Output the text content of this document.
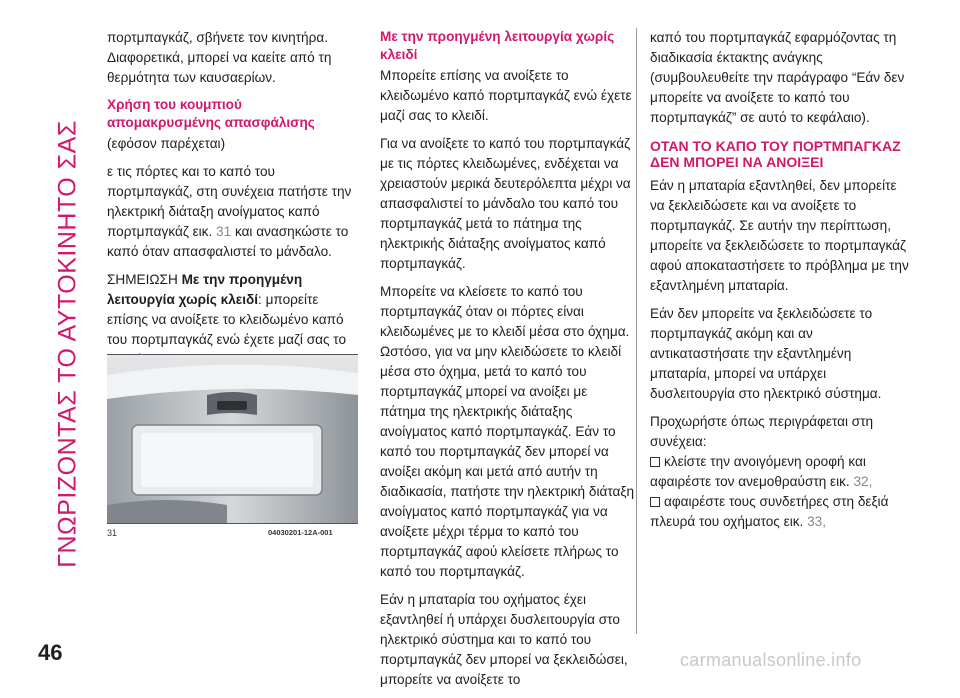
ΓΝΩΡΙΖΟΝΤΑΣ ΤΟ ΑΥΤΟΚΙΝΗΤΟ ΣΑΣ

πορτμπαγκάζ, σβήνετε τον κινητήρα. Διαφορετικά, μπορεί να καείτε από τη θερμότητα των καυσαερίων.

Χρήση του κουμπιού απομακρυσμένης απασφάλισης

(εφόσον παρέχεται)

ε τις πόρτες και το καπό του πορτμπαγκάζ, στη συνέχεια πατήστε την ηλεκτρική διάταξη ανοίγματος καπό πορτμπαγκάζ εικ. 31 και ανασηκώστε το καπό όταν απασφαλιστεί το μάνδαλο.

ΣΗΜΕΙΩΣΗ Με την προηγμένη λειτουργία χωρίς κλειδί: μπορείτε επίσης να ανοίξετε το κλειδωμένο καπό του πορτμπαγκάζ ενώ έχετε μαζί σας το

31	04030201-12A-001
Με την προηγμένη λειτουργία χωρίς κλειδί

Μπορείτε επίσης να ανοίξετε το κλειδωμένο καπό πορτμπαγκάζ ενώ έχετε μαζί σας το κλειδί.

Για να ανοίξετε το καπό του πορτμπαγκάζ με τις πόρτες κλειδωμένες, ενδέχεται να χρειαστούν μερικά δευτερόλεπτα μέχρι να απασφαλιστεί το μάνδαλο του καπό του πορτμπαγκάζ μετά το πάτημα της ηλεκτρικής διάταξης ανοίγματος καπό πορτμπαγκάζ.

Μπορείτε να κλείσετε το καπό του πορτμπαγκάζ όταν οι πόρτες είναι κλειδωμένες με το κλειδί μέσα στο όχημα. Ωστόσο, για να μην κλειδώσετε το κλειδί μέσα στο όχημα, μετά το καπό του πορτμπαγκάζ μπορεί να ανοίξει με πάτημα της ηλεκτρικής διάταξης ανοίγματος καπό πορτμπαγκάζ. Εάν το καπό του πορτμπαγκάζ δεν μπορεί να ανοίξει ακόμη και μετά από αυτήν τη διαδικασία, πατήστε την ηλεκτρική διάταξη ανοίγματος καπό πορτμπαγκάζ για να ανοίξετε μέχρι τέρμα το καπό του πορτμπαγκάζ αφού κλείσετε πλήρως το καπό του πορτμπαγκάζ.

Εάν η μπαταρία του οχήματος έχει εξαντληθεί ή υπάρχει δυσλειτουργία στο ηλεκτρικό σύστημα και το καπό του πορτμπαγκάζ δεν μπορεί να ξεκλειδώσει, μπορείτε να ανοίξετε το

καπό του πορτμπαγκάζ εφαρμόζοντας τη διαδικασία έκτακτης ανάγκης (συμβουλευθείτε την παράγραφο “Εάν δεν μπορείτε να ανοίξετε το καπό του πορτμπαγκάζ” σε αυτό το κεφάλαιο).

ΟΤΑΝ ΤΟ ΚΑΠΟ ΤΟΥ ΠΟΡΤΜΠΑΓΚΑΖ ΔΕΝ ΜΠΟΡΕΙ ΝΑ ΑΝΟΙΞΕΙ

Εάν η μπαταρία εξαντληθεί, δεν μπορείτε να ξεκλειδώσετε και να ανοίξετε το πορτμπαγκάζ. Σε αυτήν την περίπτωση, μπορείτε να ξεκλειδώσετε το πορτμπαγκάζ αφού αποκαταστήσετε το πρόβλημα με την εξαντλημένη μπαταρία.

Εάν δεν μπορείτε να ξεκλειδώσετε το πορτμπαγκάζ ακόμη και αν αντικαταστήσατε την εξαντλημένη μπαταρία, μπορεί να υπάρχει δυσλειτουργία στο ηλεκτρικό σύστημα.

Προχωρήστε όπως περιγράφεται στη συνέχεια:

κλείστε την ανοιγόμενη οροφή και αφαιρέστε τον ανεμοθραύστη εικ. 32,

αφαιρέστε τους συνδετήρες στη δεξιά πλευρά του οχήματος εικ. 33,

46	carmanualsonline.info
